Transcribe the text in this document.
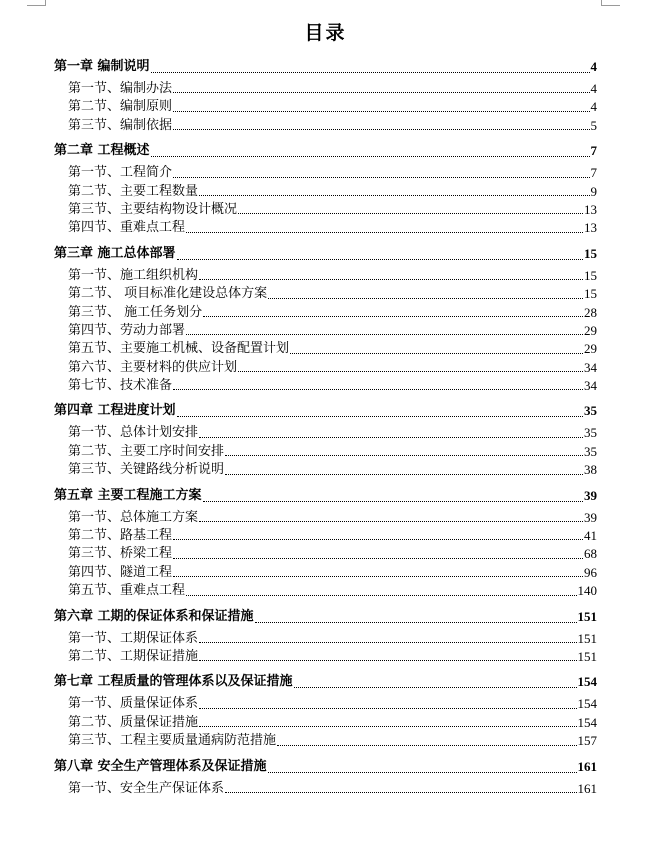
目录
第一章 编制说明	4
第一节、编制办法	4
第二节、编制原则	4
第三节、编制依据	5
第二章 工程概述	7
第一节、工程简介	7
第二节、主要工程数量	9
第三节、主要结构物设计概况	13
第四节、重难点工程	13
第三章 施工总体部署	15
第一节、施工组织机构	15
第二节、 项目标准化建设总体方案	15
第三节、 施工任务划分	28
第四节、劳动力部署	29
第五节、主要施工机械、设备配置计划	29
第六节、主要材料的供应计划	34
第七节、技术准备	34
第四章 工程进度计划	35
第一节、总体计划安排	35
第二节、主要工序时间安排	35
第三节、关键路线分析说明	38
第五章 主要工程施工方案	39
第一节、总体施工方案	39
第二节、路基工程	41
第三节、桥梁工程	68
第四节、隧道工程	96
第五节、重难点工程	140
第六章 工期的保证体系和保证措施	151
第一节、工期保证体系	151
第二节、工期保证措施	151
第七章 工程质量的管理体系以及保证措施	154
第一节、质量保证体系	154
第二节、质量保证措施	154
第三节、工程主要质量通病防范措施	157
第八章 安全生产管理体系及保证措施	161
第一节、安全生产保证体系	161
